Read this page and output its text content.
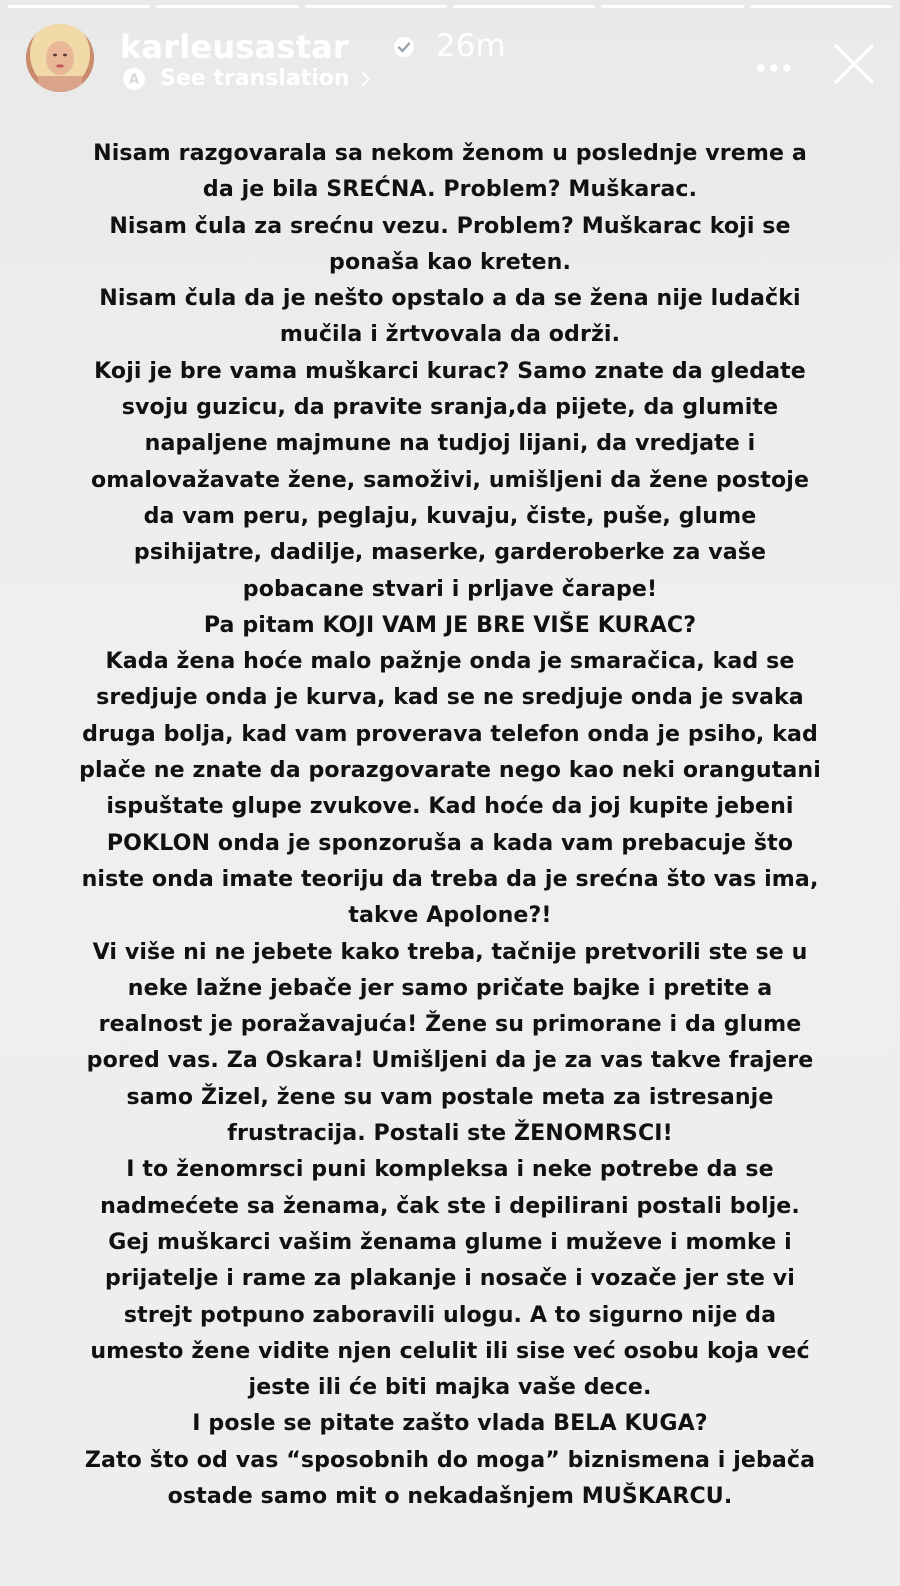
karleusastar	26m
A See translation
Nisam razgovarala sa nekom ženom u poslednje vreme a
da je bila SREĆNA. Problem? Muškarac.
Nisam čula za srećnu vezu. Problem? Muškarac koji se
ponaša kao kreten.
Nisam čula da je nešto opstalo a da se žena nije ludački
mučila i žrtvovala da održi.
Koji je bre vama muškarci kurac? Samo znate da gledate
svoju guzicu, da pravite sranja,da pijete, da glumite
napaljene majmune na tudjoj lijani, da vredjate i
omalovažavate žene, samoživi, umišljeni da žene postoje
da vam peru, peglaju, kuvaju, čiste, puše, glume
psihijatre, dadilje, maserke, garderoberke za vaše
pobacane stvari i prljave čarape!
Pa pitam KOJI VAM JE BRE VIŠE KURAC?
Kada žena hoće malo pažnje onda je smaračica, kad se
sredjuje onda je kurva, kad se ne sredjuje onda je svaka
druga bolja, kad vam proverava telefon onda je psiho, kad
plače ne znate da porazgovarate nego kao neki orangutani
ispuštate glupe zvukove. Kad hoće da joj kupite jebeni
POKLON onda je sponzoruša a kada vam prebacuje što
niste onda imate teoriju da treba da je srećna što vas ima,
takve Apolone?!
Vi više ni ne jebete kako treba, tačnije pretvorili ste se u
neke lažne jebače jer samo pričate bajke i pretite a
realnost je poražavajuća! Žene su primorane i da glume
pored vas. Za Oskara! Umišljeni da je za vas takve frajere
samo Žizel, žene su vam postale meta za istresanje
frustracija. Postali ste ŽENOMRSCI!
I to ženomrsci puni kompleksa i neke potrebe da se
nadmećete sa ženama, čak ste i depilirani postali bolje.
Gej muškarci vašim ženama glume i muževe i momke i
prijatelje i rame za plakanje i nosače i vozače jer ste vi
strejt potpuno zaboravili ulogu. A to sigurno nije da
umesto žene vidite njen celulit ili sise već osobu koja već
jeste ili će biti majka vaše dece.
I posle se pitate zašto vlada BELA KUGA?
Zato što od vas “sposobnih do moga” biznismena i jebača
ostade samo mit o nekadašnjem MUŠKARCU.
